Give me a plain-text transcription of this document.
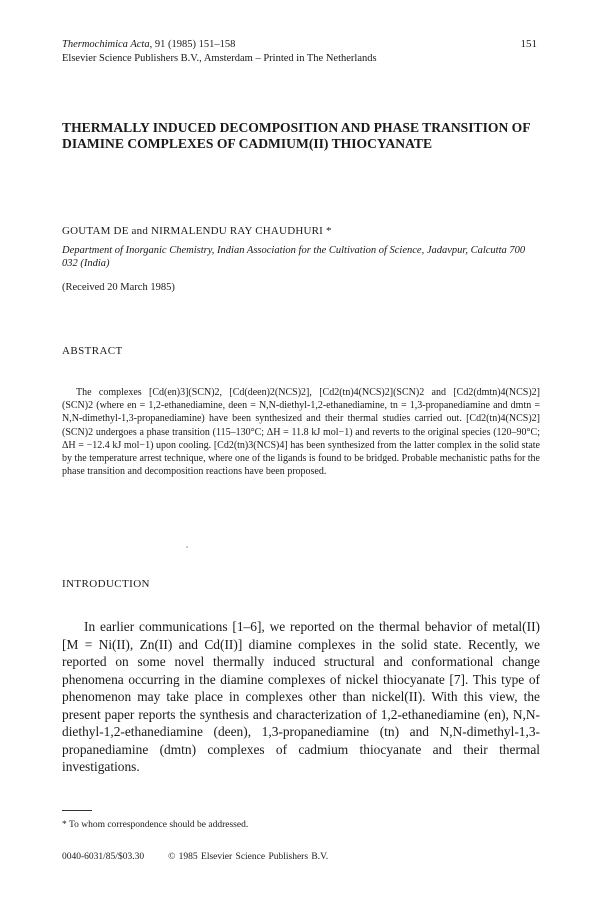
Thermochimica Acta, 91 (1985) 151–158
Elsevier Science Publishers B.V., Amsterdam – Printed in The Netherlands
151
THERMALLY INDUCED DECOMPOSITION AND PHASE TRANSITION OF DIAMINE COMPLEXES OF CADMIUM(II) THIOCYANATE
GOUTAM DE and NIRMALENDU RAY CHAUDHURI *
Department of Inorganic Chemistry, Indian Association for the Cultivation of Science, Jadavpur, Calcutta 700 032 (India)
(Received 20 March 1985)
ABSTRACT

The complexes [Cd(en)3](SCN)2, [Cd(deen)2(NCS)2], [Cd2(tn)4(NCS)2](SCN)2 and [Cd2(dmtn)4(NCS)2](SCN)2 (where en = 1,2-ethanediamine, deen = N,N-diethyl-1,2-ethanediamine, tn = 1,3-propanediamine and dmtn = N,N-dimethyl-1,3-propanediamine) have been synthesized and their thermal studies carried out. [Cd2(tn)4(NCS)2](SCN)2 undergoes a phase transition (115–130°C; ΔH = 11.8 kJ mol−1) and reverts to the original species (120–90°C; ΔH = −12.4 kJ mol−1) upon cooling. [Cd2(tn)3(NCS)4] has been synthesized from the latter complex in the solid state by the temperature arrest technique, where one of the ligands is found to be bridged. Probable mechanistic paths for the phase transition and decomposition reactions have been proposed.

INTRODUCTION

In earlier communications [1–6], we reported on the thermal behavior of metal(II) [M = Ni(II), Zn(II) and Cd(II)] diamine complexes in the solid state. Recently, we reported on some novel thermally induced structural and conformational change phenomena occurring in the diamine complexes of nickel thiocyanate [7]. This type of phenomenon may take place in complexes other than nickel(II). With this view, the present paper reports the synthesis and characterization of 1,2-ethanediamine (en), N,N-diethyl-1,2-ethanediamine (deen), 1,3-propanediamine (tn) and N,N-dimethyl-1,3-propanediamine (dmtn) complexes of cadmium thiocyanate and their thermal investigations.

* To whom correspondence should be addressed.
0040-6031/85/$03.30	© 1985 Elsevier Science Publishers B.V.
